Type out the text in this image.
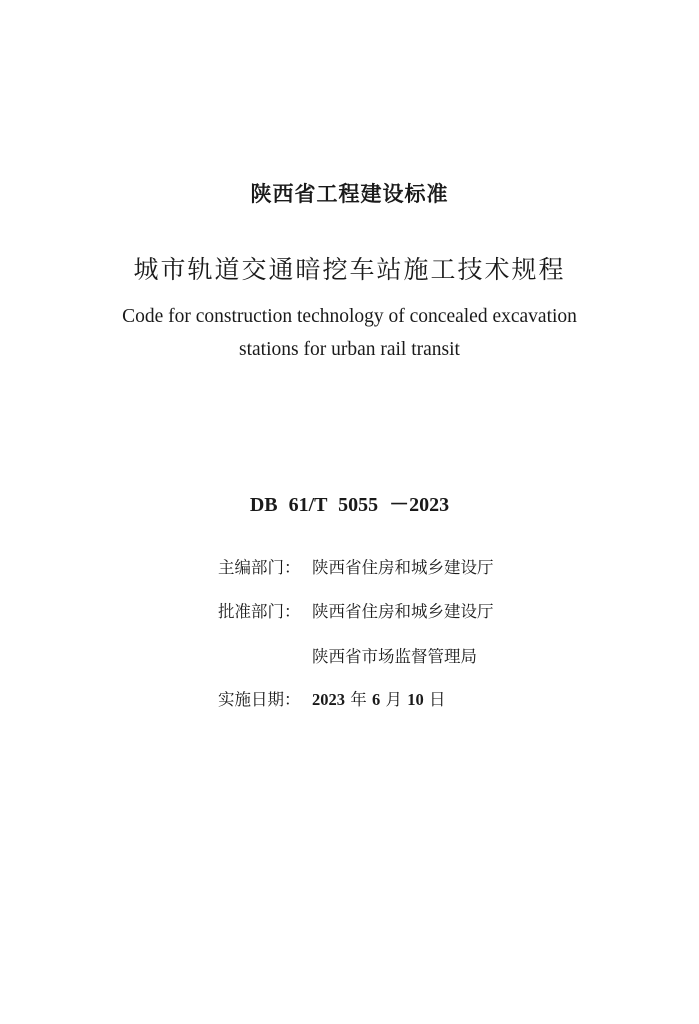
陕西省工程建设标准
城市轨道交通暗挖车站施工技术规程
Code for construction technology of concealed excavation
stations for urban rail transit
DB 61/T 5055 －2023
主编部门： 陕西省住房和城乡建设厅
批准部门： 陕西省住房和城乡建设厅
陕西省市场监督管理局
实施日期： 2023 年 6 月 10 日
